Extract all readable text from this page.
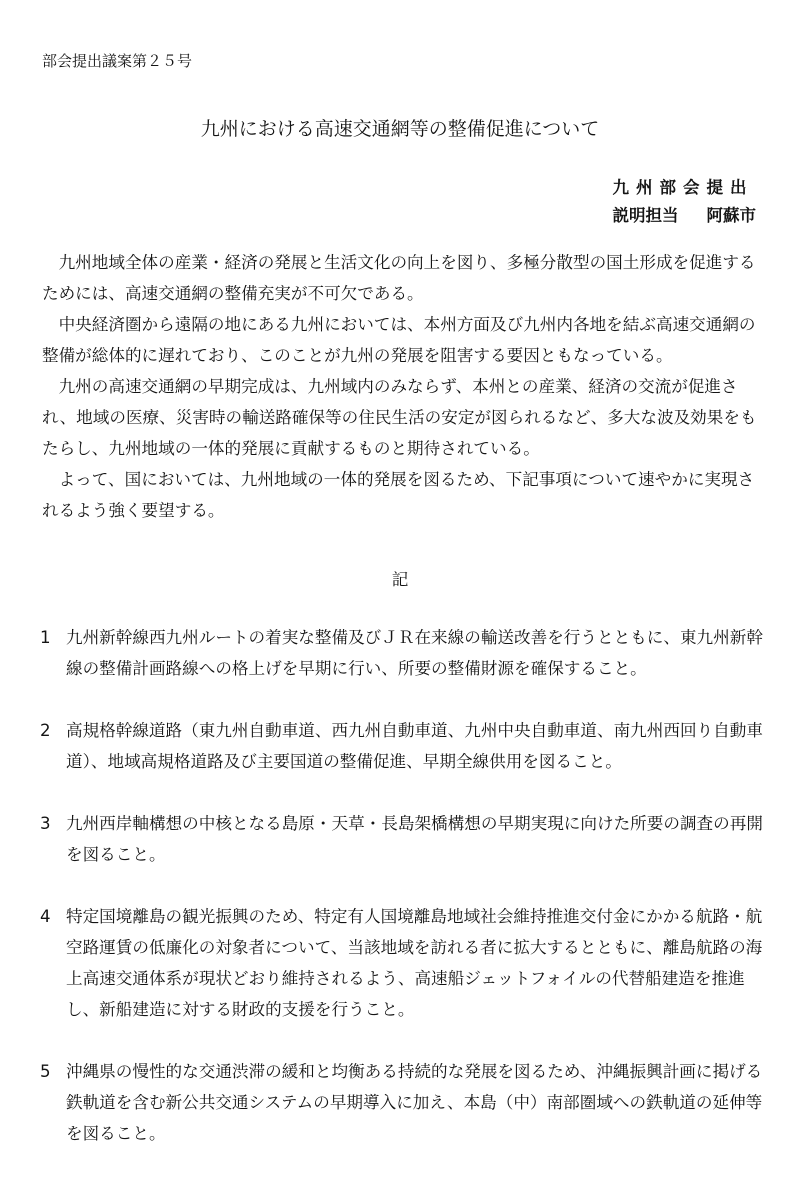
部会提出議案第２５号
九州における高速交通網等の整備促進について
九州部会提出
説明担当 阿蘇市

九州地域全体の産業・経済の発展と生活文化の向上を図り、多極分散型の国土形成を促進するためには、高速交通網の整備充実が不可欠である。

中央経済圏から遠隔の地にある九州においては、本州方面及び九州内各地を結ぶ高速交通網の整備が総体的に遅れており、このことが九州の発展を阻害する要因ともなっている。

九州の高速交通網の早期完成は、九州域内のみならず、本州との産業、経済の交流が促進され、地域の医療、災害時の輸送路確保等の住民生活の安定が図られるなど、多大な波及効果をもたらし、九州地域の一体的発展に貢献するものと期待されている。

よって、国においては、九州地域の一体的発展を図るため、下記事項について速やかに実現されるよう強く要望する。

記
1 九州新幹線西九州ルートの着実な整備及びＪＲ在来線の輸送改善を行うとともに、東九州新幹線の整備計画路線への格上げを早期に行い、所要の整備財源を確保すること。
2 高規格幹線道路（東九州自動車道、西九州自動車道、九州中央自動車道、南九州西回り自動車道）、地域高規格道路及び主要国道の整備促進、早期全線供用を図ること。
3 九州西岸軸構想の中核となる島原・天草・長島架橋構想の早期実現に向けた所要の調査の再開を図ること。
4 特定国境離島の観光振興のため、特定有人国境離島地域社会維持推進交付金にかかる航路・航空路運賃の低廉化の対象者について、当該地域を訪れる者に拡大するとともに、離島航路の海上高速交通体系が現状どおり維持されるよう、高速船ジェットフォイルの代替船建造を推進し、新船建造に対する財政的支援を行うこと。
5 沖縄県の慢性的な交通渋滞の緩和と均衡ある持続的な発展を図るため、沖縄振興計画に掲げる鉄軌道を含む新公共交通システムの早期導入に加え、本島（中）南部圏域への鉄軌道の延伸等を図ること。
